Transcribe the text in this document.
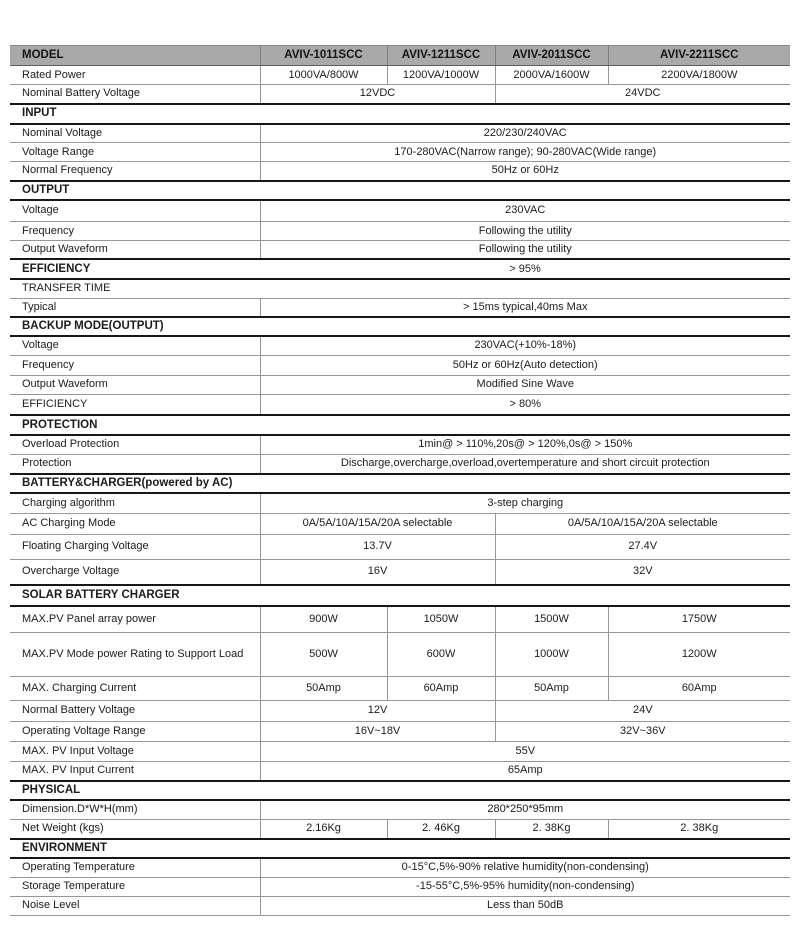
MODEL	AVIV-1011SCC	AVIV-1211SCC	AVIV-2011SCC	AVIV-2211SCC
Rated Power	1000VA/800W	1200VA/1000W	2000VA/1600W	2200VA/1800W
Nominal Battery Voltage	12VDC		24VDC	
INPUT				
Nominal Voltage	220/230/240VAC			
Voltage Range	170-280VAC(Narrow range); 90-280VAC(Wide range)			
Normal Frequency	50Hz or 60Hz			
OUTPUT				
Voltage	230VAC			
Frequency	Following the utility			
Output Waveform	Following the utility			
EFFICIENCY	> 95%			
TRANSFER TIME				
Typical	> 15ms typical,40ms Max			
BACKUP MODE(OUTPUT)				
Voltage	230VAC(+10%-18%)			
Frequency	50Hz or 60Hz(Auto detection)			
Output Waveform	Modified Sine Wave			
EFFICIENCY	> 80%			
PROTECTION				
Overload Protection	1min@ > 110%,20s@ > 120%,0s@ > 150%			
Protection	Discharge,overcharge,overload,overtemperature and short circuit protection			
BATTERY&CHARGER(powered by AC)				
Charging algorithm	3-step charging			
AC Charging Mode	0A/5A/10A/15A/20A selectable		0A/5A/10A/15A/20A selectable	
Floating Charging Voltage	13.7V		27.4V	
Overcharge Voltage	16V		32V	
SOLAR BATTERY CHARGER				
MAX.PV Panel array power	900W	1050W	1500W	1750W
MAX.PV Mode power Rating to Support Load	500W	600W	1000W	1200W
MAX. Charging Current	50Amp	60Amp	50Amp	60Amp
Normal Battery Voltage	12V		24V	
Operating Voltage Range	16V~18V		32V~36V	
MAX. PV Input Voltage	55V			
MAX. PV Input Current	65Amp			
PHYSICAL				
Dimension.D*W*H(mm)	280*250*95mm			
Net Weight (kgs)	2.16Kg	2. 46Kg	2. 38Kg	2. 38Kg
ENVIRONMENT				
Operating Temperature	0-15°C,5%-90% relative humidity(non-condensing)			
Storage Temperature	-15-55°C,5%-95% humidity(non-condensing)			
Noise Level	Less than 50dB			
